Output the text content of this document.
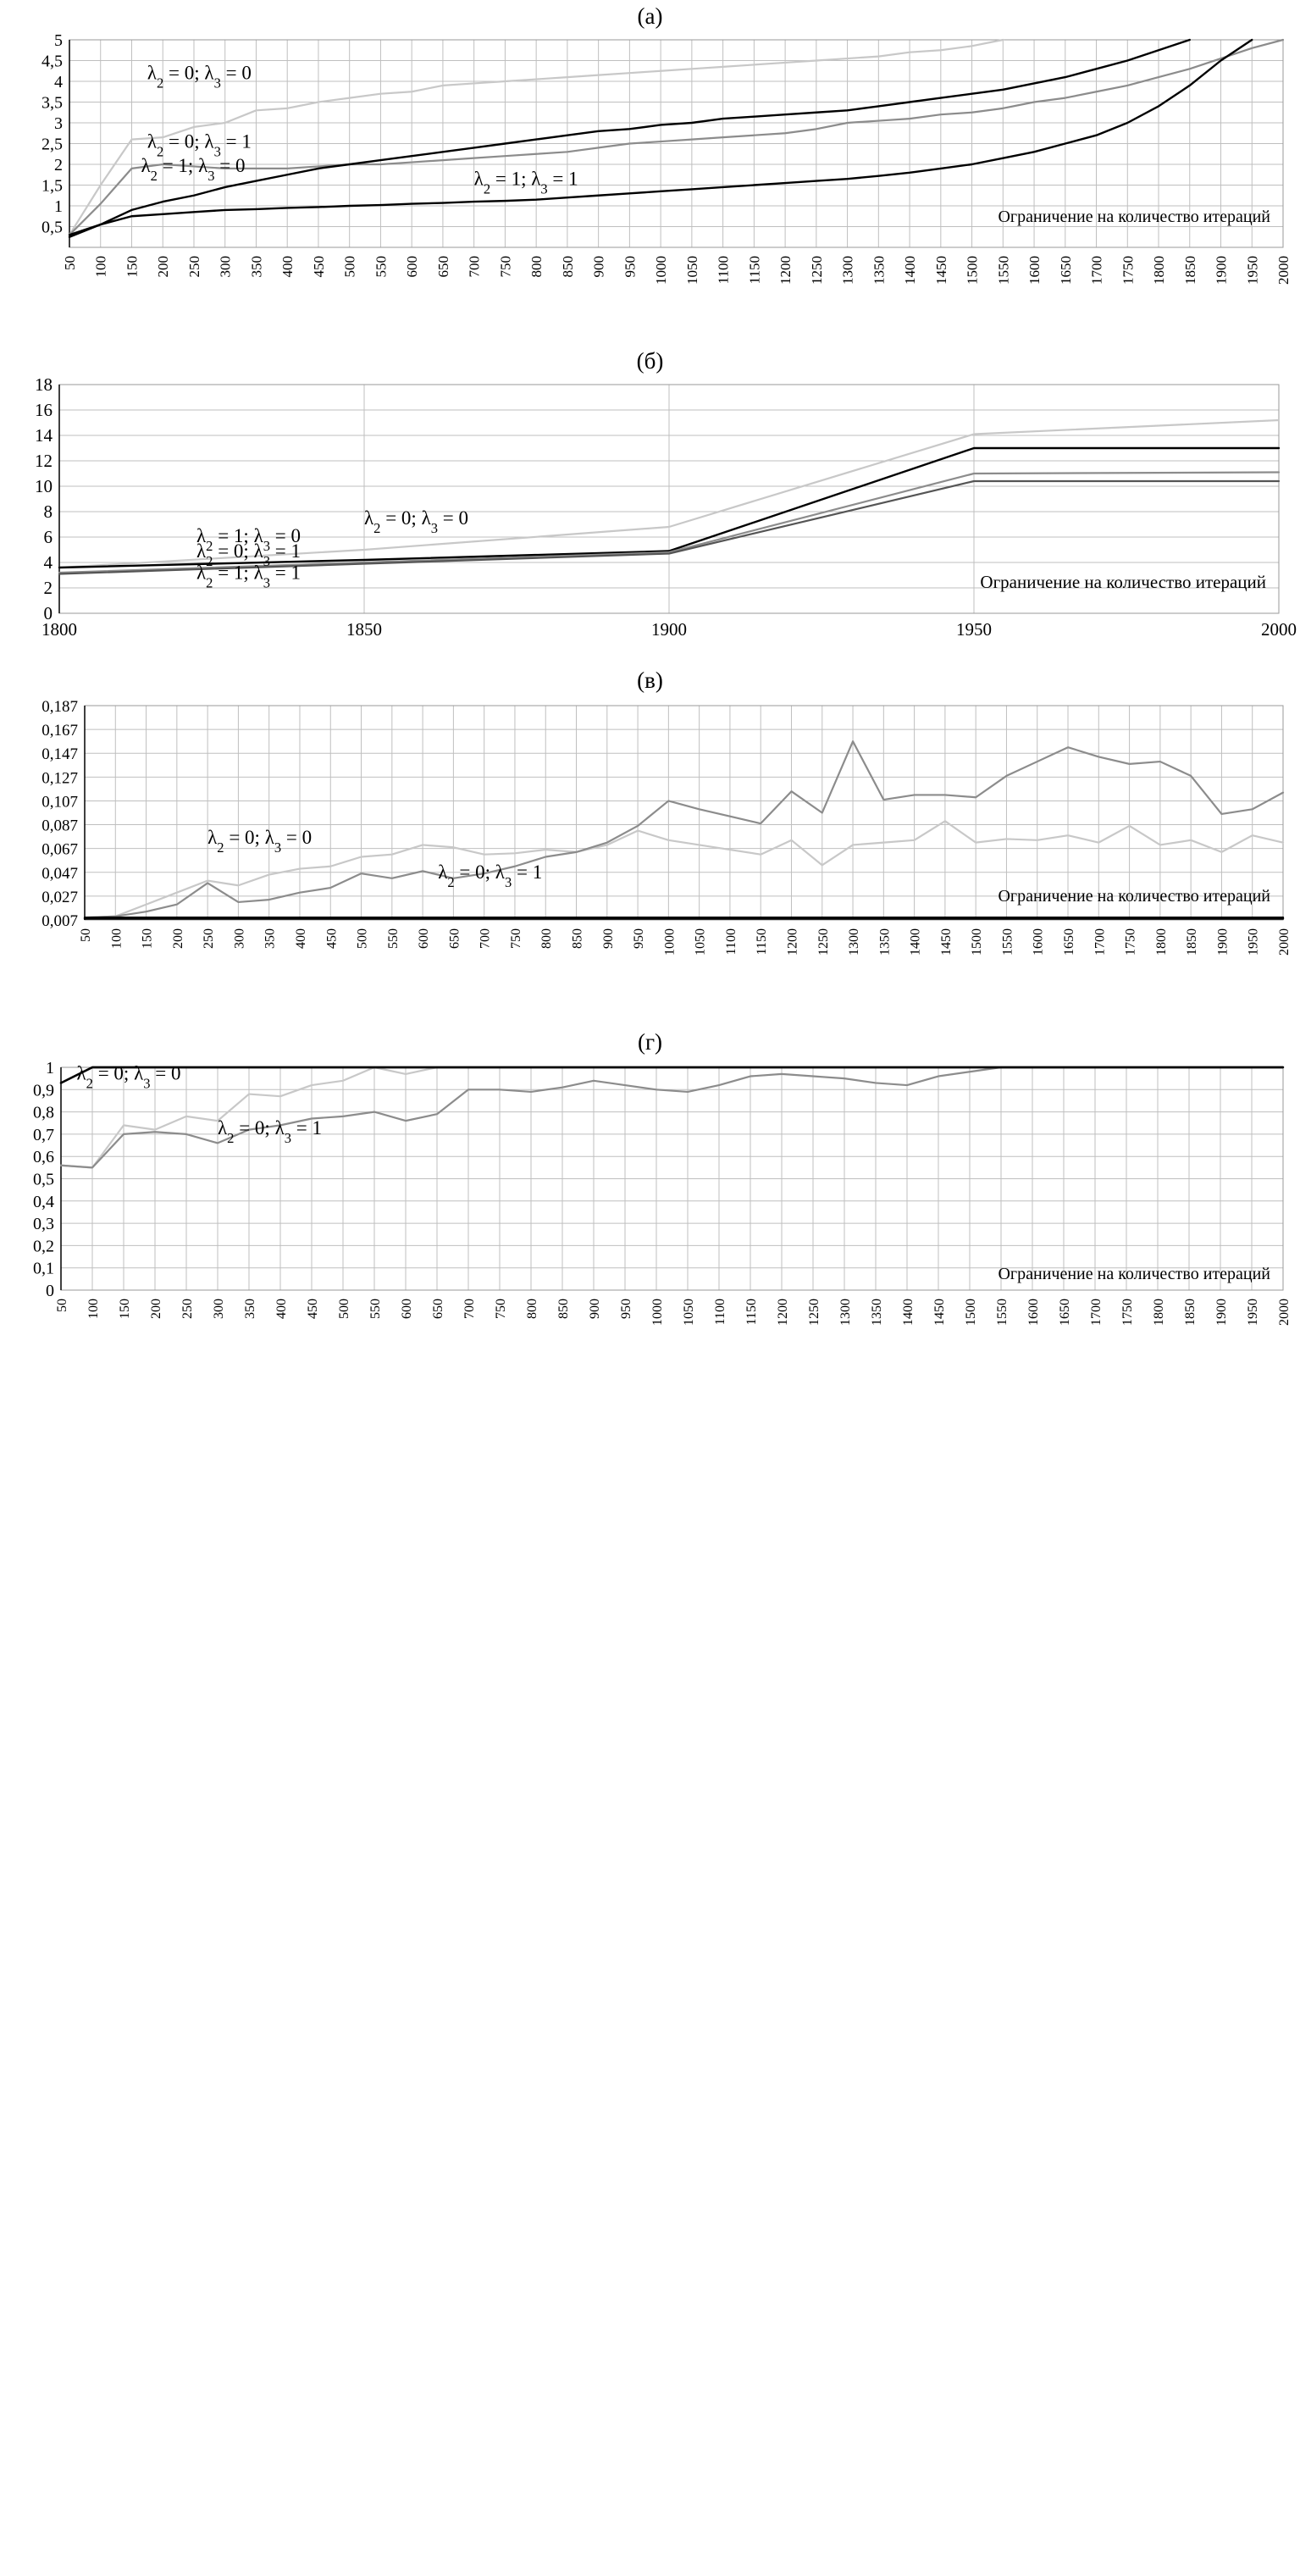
(а)
0,5
1
1,5
2
2,5
3
3,5
4
4,5
5
50 100 150 200 250 300 350 400 450 500 550 600 650 700 750 800 850 900 950 1000 1050 1100 1150 1200 1250 1300 1350 1400 1450 1500 1550 1600 1650 1700 1750 1800 1850 1900 1950 2000
Ограничение на количество итераций
$\lambda_2 = 0$; $\lambda_3 = 0$
$\lambda_2 = 0$; $\lambda_3 = 1$
$\lambda_2 = 1$; $\lambda_3 = 0$
$\lambda_2 = 1$; $\lambda_3 = 1$
(б)
0
2
4
6
8
10
12
14
16
18
1800	1850	1900	1950	2000
Ограничение на количество итераций
$\lambda_2 = 0$; $\lambda_3 = 0$
$\lambda_2 = 1$; $\lambda_3 = 0$
$\lambda_2 = 0$; $\lambda_3 = 1$
$\lambda_2 = 1$; $\lambda_3 = 1$
(в)
0,007
0,027
0,047
0,067
0,087
0,107
0,127
0,147
0,167
0,187
50 100 150 200 250 300 350 400 450 500 550 600 650 700 750 800 850 900 950 1000 1050 1100 1150 1200 1250 1300 1350 1400 1450 1500 1550 1600 1650 1700 1750 1800 1850 1900 1950 2000
Ограничение на количество итераций
$\lambda_2 = 0$; $\lambda_3 = 0$
$\lambda_2 = 0$; $\lambda_3 = 1$
(г)
0
0,1
0,2
0,3
0,4
0,5
0,6
0,7
0,8
0,9
1
50 100 150 200 250 300 350 400 450 500 550 600 650 700 750 800 850 900 950 1000 1050 1100 1150 1200 1250 1300 1350 1400 1450 1500 1550 1600 1650 1700 1750 1800 1850 1900 1950 2000
Ограничение на количество итераций
$\lambda_2 = 0$; $\lambda_3 = 0$
$\lambda_2 = 0$; $\lambda_3 = 1$
